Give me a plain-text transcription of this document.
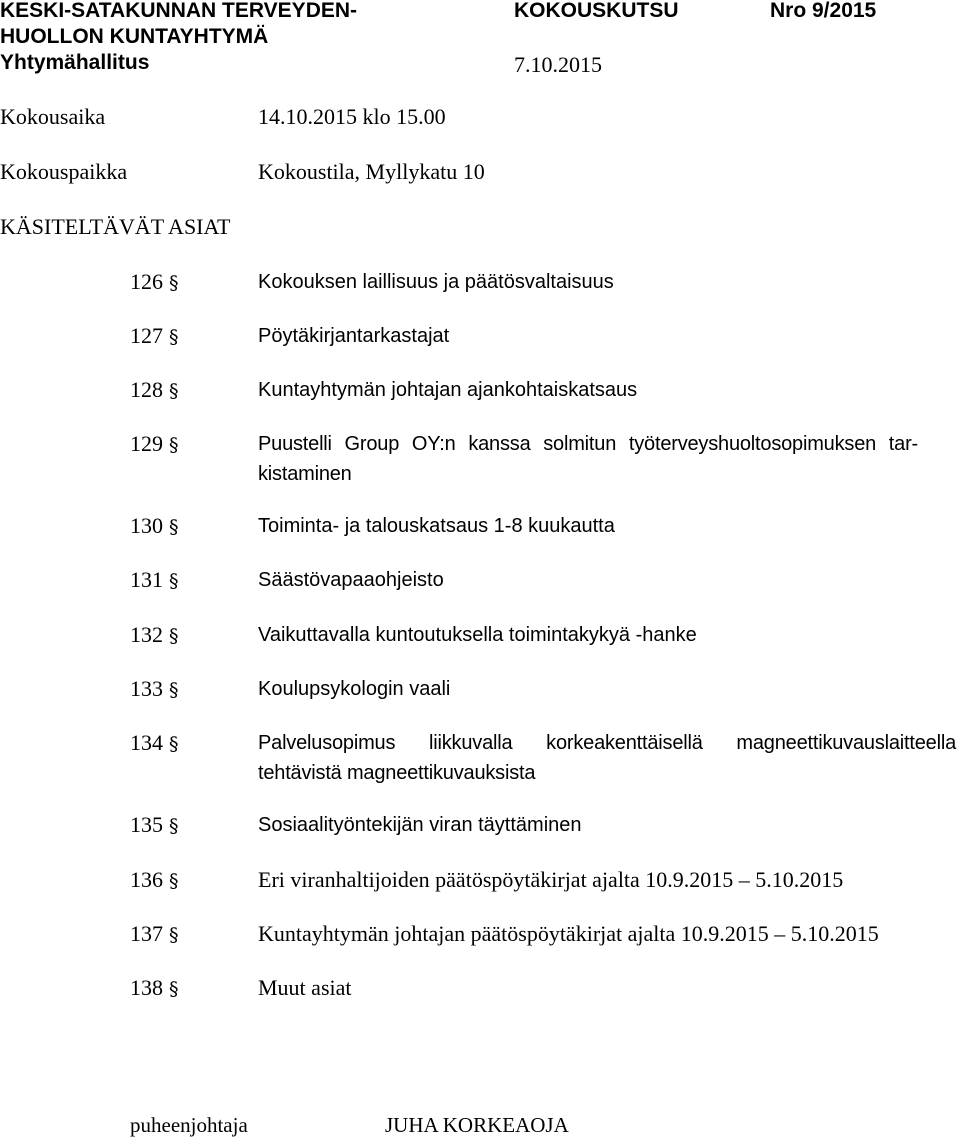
KESKI-SATAKUNNAN TERVEYDEN-
HUOLLON KUNTAYHTYMÄ
Yhtymähallitus
KOKOUSKUTSU	Nro 9/2015
7.10.2015
Kokousaika	14.10.2015 klo 15.00
Kokouspaikka	Kokoustila, Myllykatu 10
KÄSITELTÄVÄT ASIAT
126 §	Kokouksen laillisuus ja päätösvaltaisuus
127 §	Pöytäkirjantarkastajat
128 §	Kuntayhtymän johtajan ajankohtaiskatsaus
129 §	Puustelli Group OY:n kanssa solmitun työterveyshuoltosopimuksen tar-kistaminen
130 §	Toiminta- ja talouskatsaus 1-8 kuukautta
131 §	Säästövapaaohjeisto
132 §	Vaikuttavalla kuntoutuksella toimintakykyä -hanke
133 §	Koulupsykologin vaali
134 §	Palvelusopimus liikkuvalla korkeakenttäisellä magneettikuvauslaitteella tehtävistä magneettikuvauksista
135 §	Sosiaalityöntekijän viran täyttäminen
136 §	Eri viranhaltijoiden päätöspöytäkirjat ajalta 10.9.2015 – 5.10.2015
137 §	Kuntayhtymän johtajan päätöspöytäkirjat ajalta 10.9.2015 – 5.10.2015
138 §	Muut asiat
puheenjohtaja	JUHA KORKEAOJA
